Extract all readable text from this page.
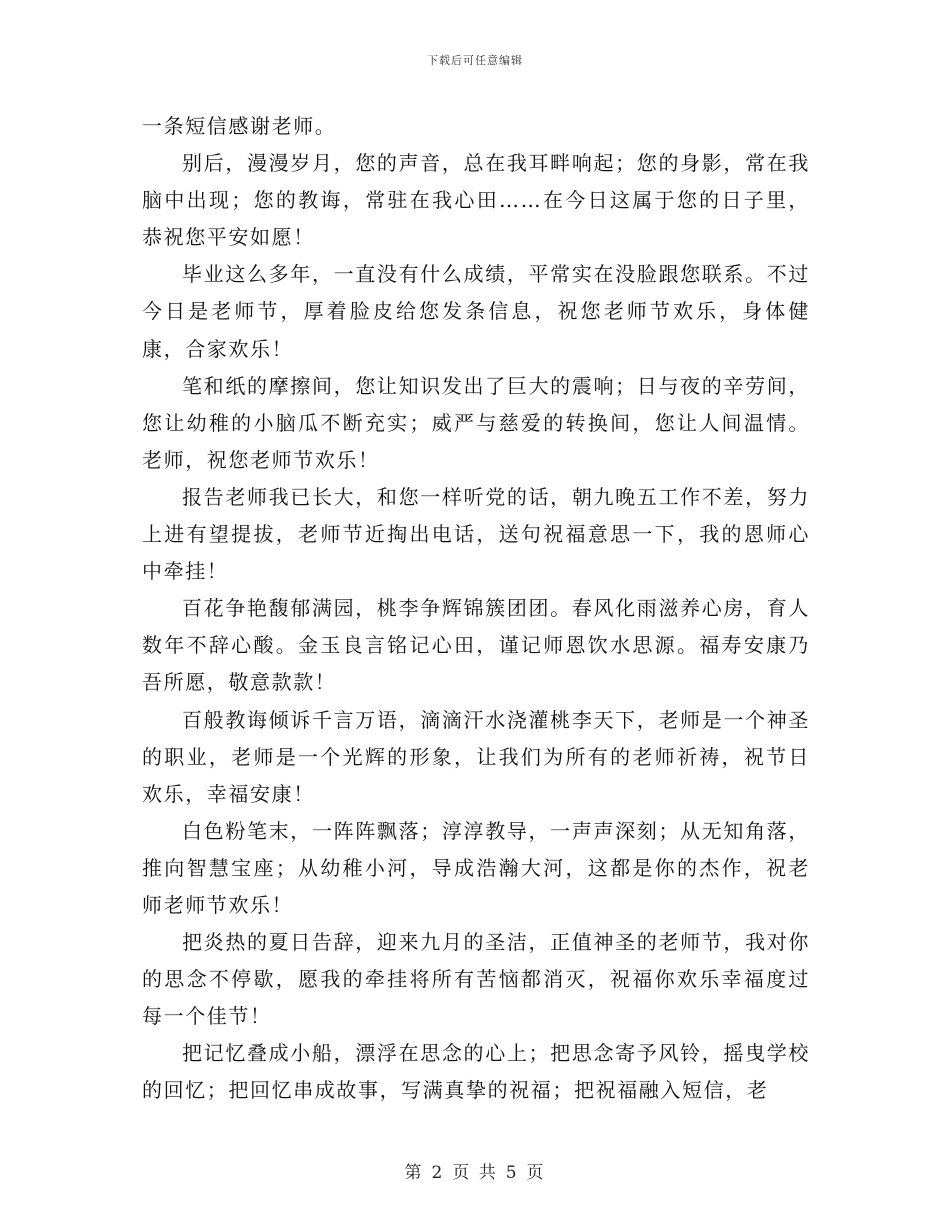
下载后可任意编辑

一条短信感谢老师。

别后，漫漫岁月，您的声音，总在我耳畔响起；您的身影，常在我脑中出现；您的教诲，常驻在我心田……在今日这属于您的日子里，恭祝您平安如愿！

毕业这么多年，一直没有什么成绩，平常实在没脸跟您联系。不过今日是老师节，厚着脸皮给您发条信息，祝您老师节欢乐，身体健康，合家欢乐！

笔和纸的摩擦间，您让知识发出了巨大的震响；日与夜的辛劳间，您让幼稚的小脑瓜不断充实；威严与慈爱的转换间，您让人间温情。老师，祝您老师节欢乐！

报告老师我已长大，和您一样听党的话，朝九晚五工作不差，努力上进有望提拔，老师节近掏出电话，送句祝福意思一下，我的恩师心中牵挂！

百花争艳馥郁满园，桃李争辉锦簇团团。春风化雨滋养心房，育人数年不辞心酸。金玉良言铭记心田，谨记师恩饮水思源。福寿安康乃吾所愿，敬意款款！

百般教诲倾诉千言万语，滴滴汗水浇灌桃李天下，老师是一个神圣的职业，老师是一个光辉的形象，让我们为所有的老师祈祷，祝节日欢乐，幸福安康！

白色粉笔末，一阵阵飘落；淳淳教导，一声声深刻；从无知角落，推向智慧宝座；从幼稚小河，导成浩瀚大河，这都是你的杰作，祝老师老师节欢乐！

把炎热的夏日告辞，迎来九月的圣洁，正值神圣的老师节，我对你的思念不停歇，愿我的牵挂将所有苦恼都消灭，祝福你欢乐幸福度过每一个佳节！

把记忆叠成小船，漂浮在思念的心上；把思念寄予风铃，摇曳学校的回忆；把回忆串成故事，写满真挚的祝福；把祝福融入短信，老

第 2 页 共 5 页
